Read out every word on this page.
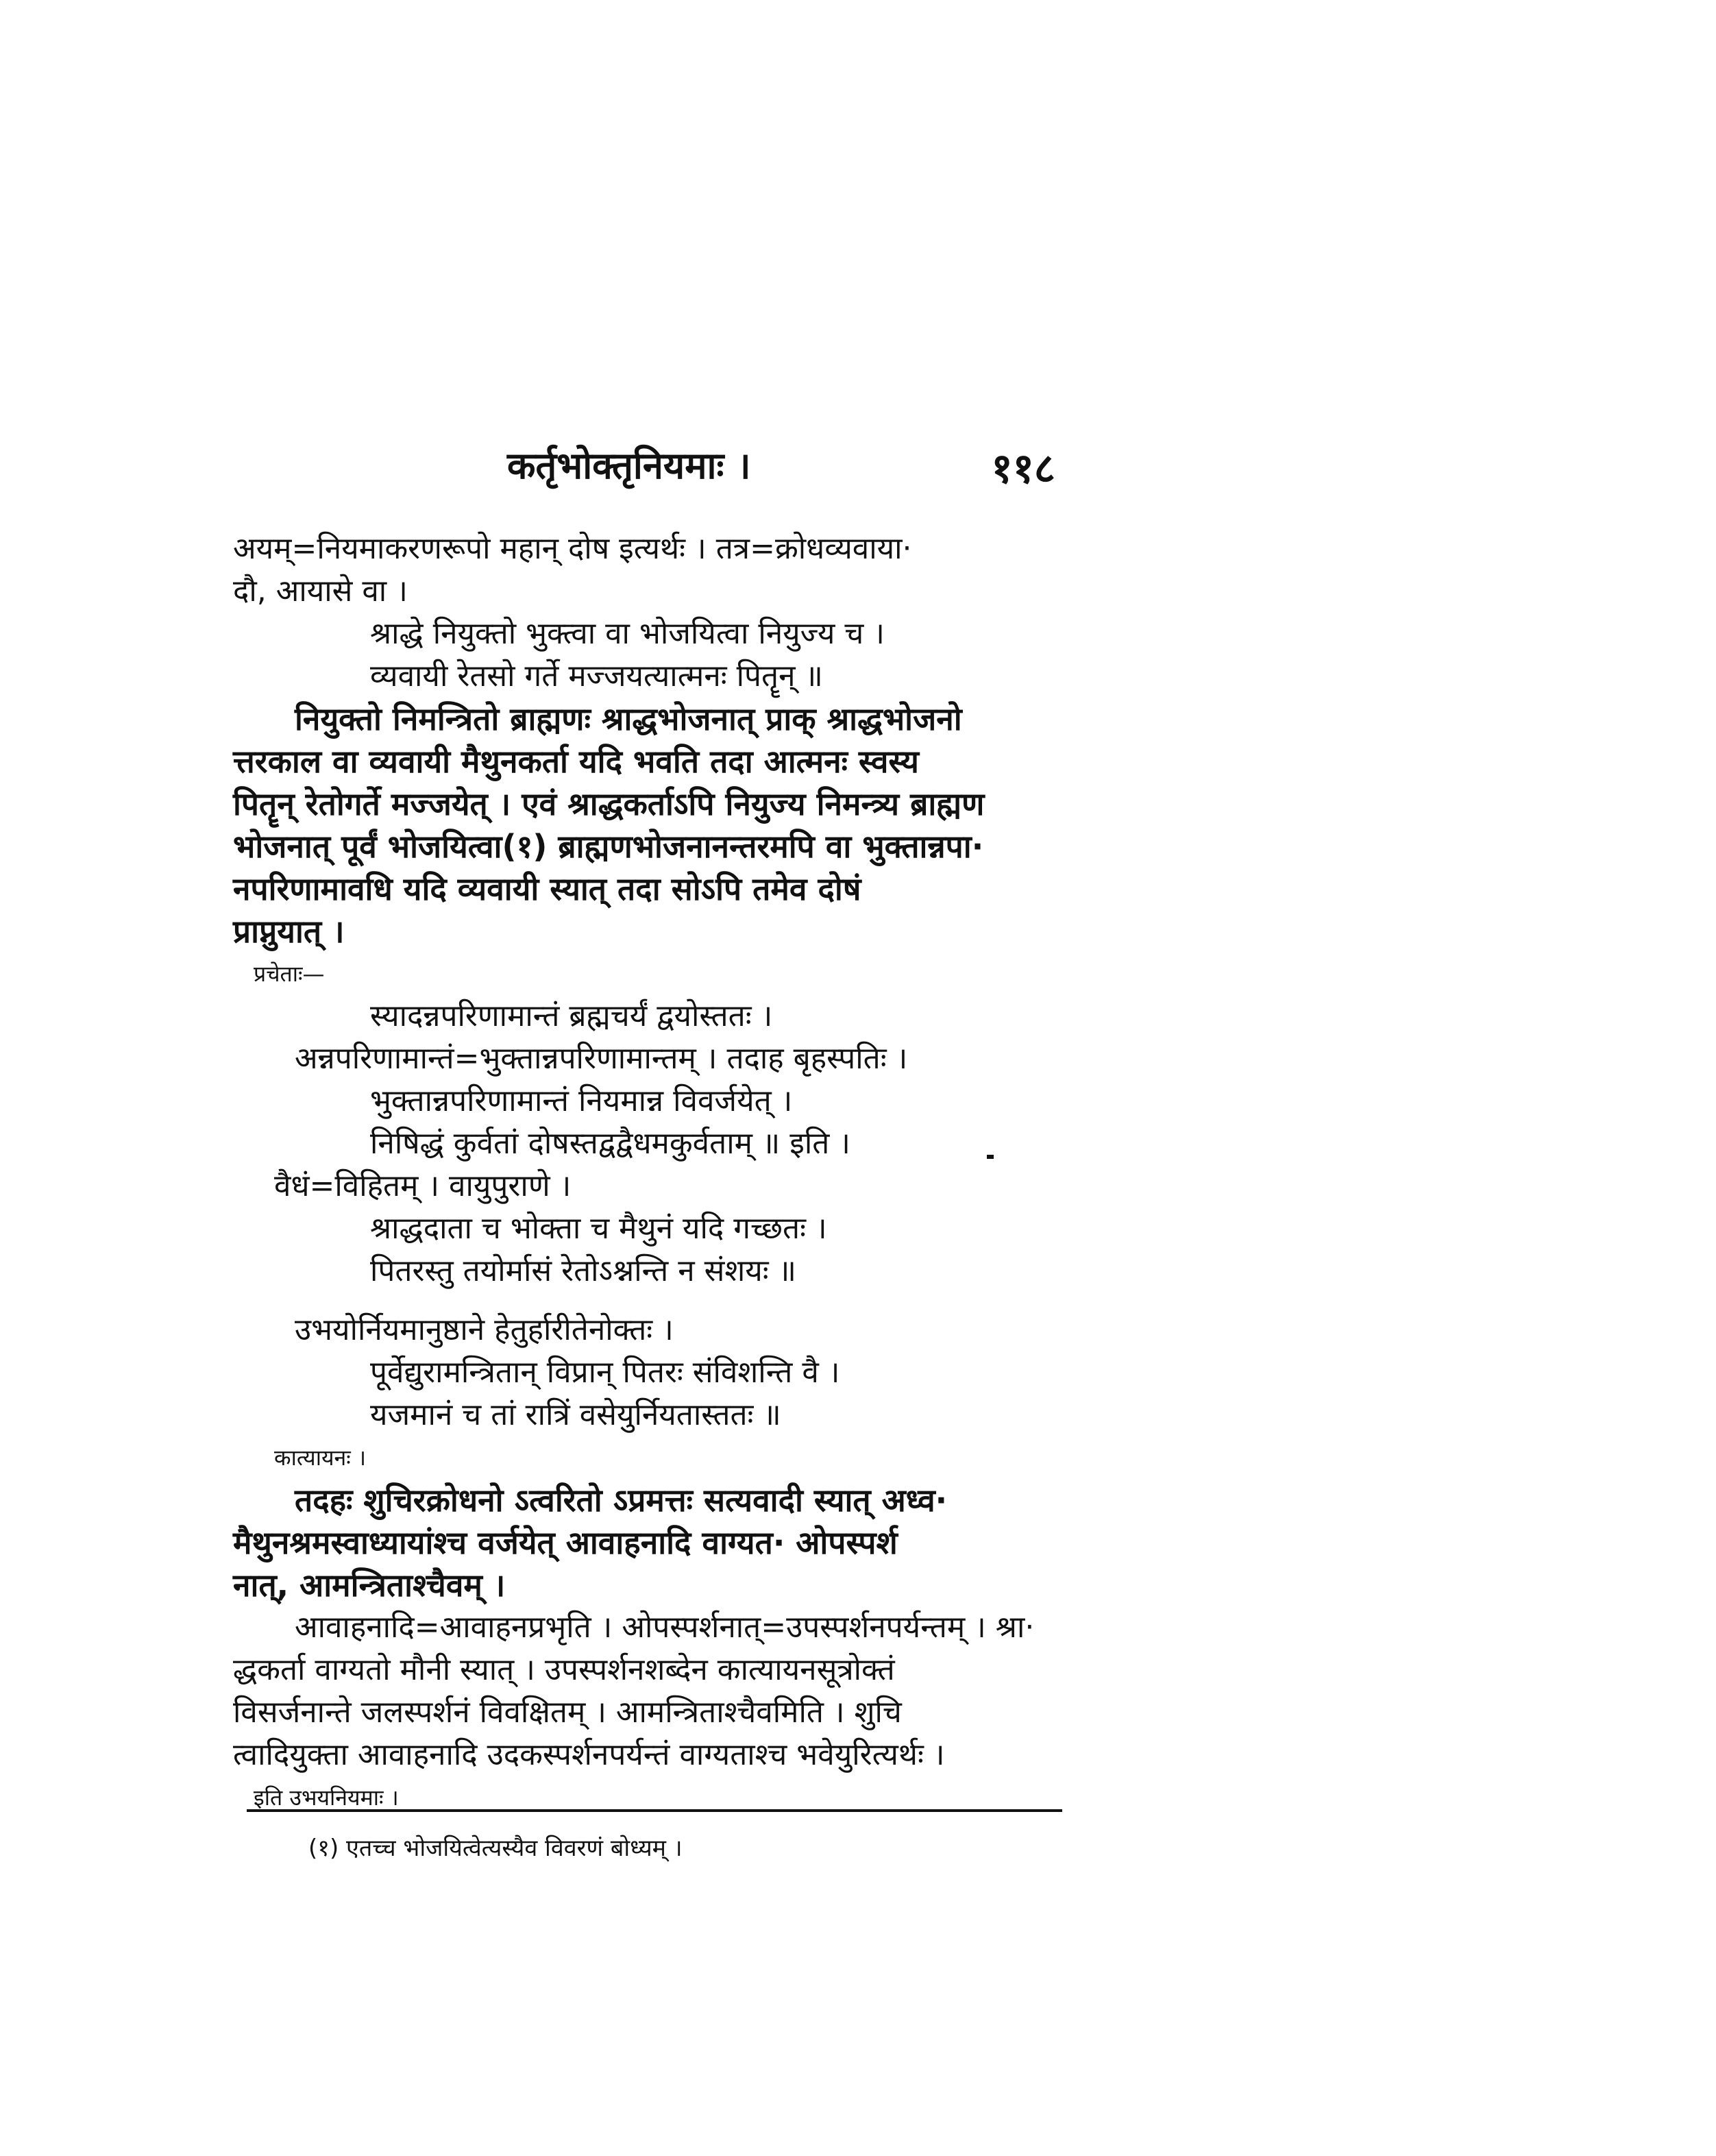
कर्तृभोक्तृनियमाः ।	११८
अयम्=नियमाकरणरूपो महान् दोष इत्यर्थः । तत्र=क्रोधव्यवाया·
दौ, आयासे वा ।
श्राद्धे नियुक्तो भुक्त्वा वा भोजयित्वा नियुज्य च ।
व्यवायी रेतसो गर्ते मज्जयत्यात्मनः पितॄन् ॥
नियुक्तो निमन्त्रितो ब्राह्मणः श्राद्धभोजनात् प्राक् श्राद्धभोजनो
त्तरकाल वा व्यवायी मैथुनकर्ता यदि भवति तदा आत्मनः स्वस्य
पितॄन् रेतोगर्ते मज्जयेत् । एवं श्राद्धकर्ताऽपि नियुज्य निमन्त्र्य ब्राह्मण
भोजनात् पूर्वं भोजयित्वा(१) ब्राह्मणभोजनानन्तरमपि वा भुक्तान्नपा·
नपरिणामावधि यदि व्यवायी स्यात् तदा सोऽपि तमेव दोषं
प्राप्नुयात् ।
प्रचेताः—
स्यादन्नपरिणामान्तं ब्रह्मचर्यं द्वयोस्ततः ।
अन्नपरिणामान्तं=भुक्तान्नपरिणामान्तम् । तदाह बृहस्पतिः ।
भुक्तान्नपरिणामान्तं नियमान्न विवर्जयेत् ।
निषिद्धं कुर्वतां दोषस्तद्वद्वैधमकुर्वताम् ॥ इति ।
वैधं=विहितम् । वायुपुराणे ।
श्राद्धदाता च भोक्ता च मैथुनं यदि गच्छतः ।
पितरस्तु तयोर्मासं रेतोऽश्नन्ति न संशयः ॥
उभयोर्नियमानुष्ठाने हेतुर्हारीतेनोक्तः ।
पूर्वेद्युरामन्त्रितान् विप्रान् पितरः संविशन्ति वै ।
यजमानं च तां रात्रिं वसेयुर्नियतास्ततः ॥
कात्यायनः ।
तदहः शुचिरक्रोधनो ऽत्वरितो ऽप्रमत्तः सत्यवादी स्यात् अध्व·
मैथुनश्रमस्वाध्यायांश्च वर्जयेत् आवाहनादि वाग्यत· ओपस्पर्श
नात्, आमन्त्रिताश्चैवम् ।
आवाहनादि=आवाहनप्रभृति । ओपस्पर्शनात्=उपस्पर्शनपर्यन्तम् । श्रा·
द्धकर्ता वाग्यतो मौनी स्यात् । उपस्पर्शनशब्देन कात्यायनसूत्रोक्तं
विसर्जनान्ते जलस्पर्शनं विवक्षितम् । आमन्त्रिताश्चैवमिति । शुचि
त्वादियुक्ता आवाहनादि उदकस्पर्शनपर्यन्तं वाग्यताश्च भवेयुरित्यर्थः ।
इति उभयनियमाः ।
(१) एतच्च भोजयित्वेत्यस्यैव विवरणं बोध्यम् ।
